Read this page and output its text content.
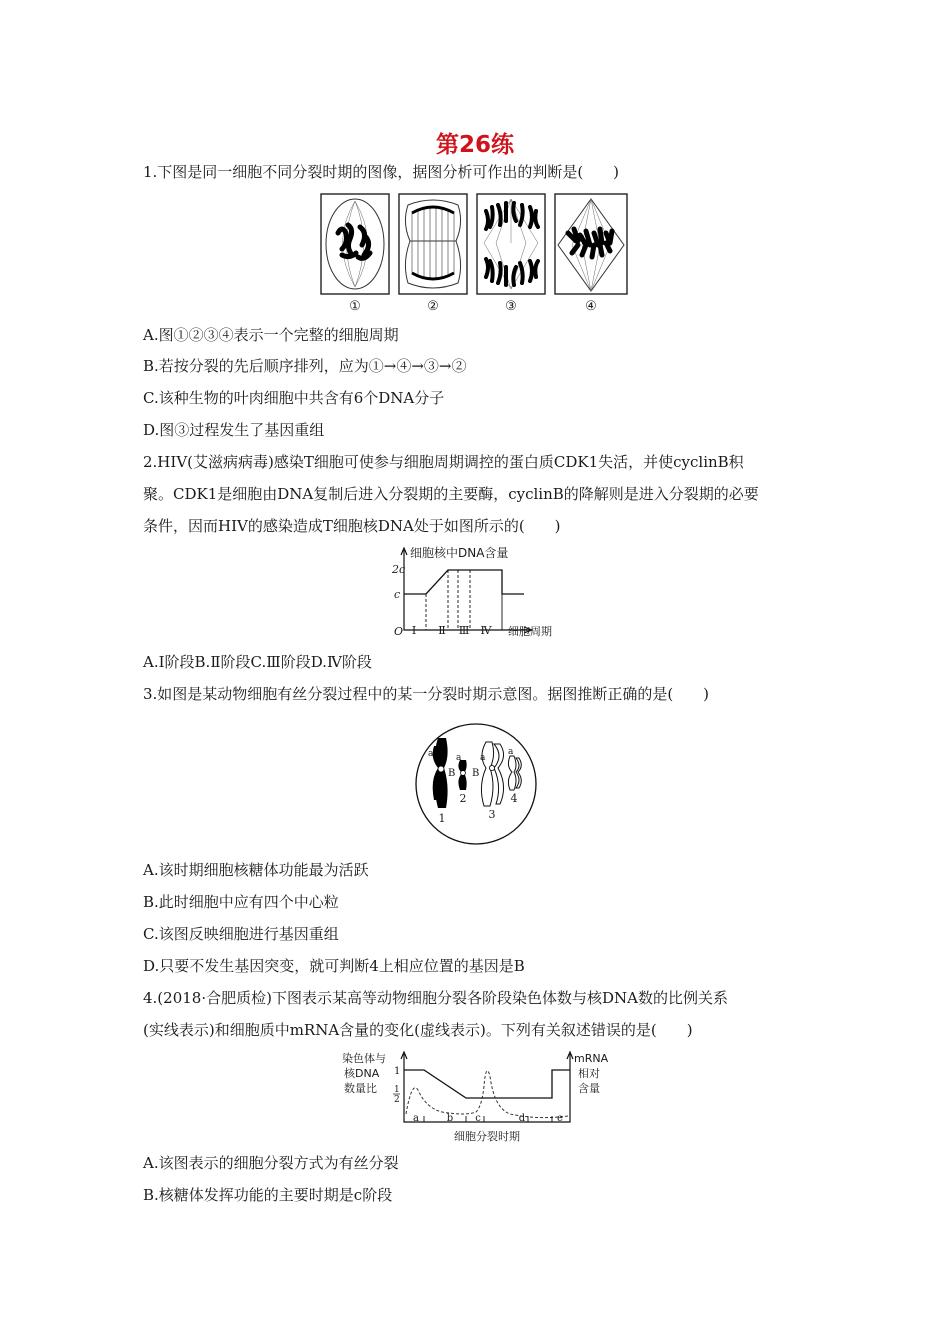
第26练
1.下图是同一细胞不同分裂时期的图像，据图分析可作出的判断是(　　)
①	②	③	④
A.图①②③④表示一个完整的细胞周期
B.若按分裂的先后顺序排列，应为①→④→③→②
C.该种生物的叶肉细胞中共含有6个DNA分子
D.图③过程发生了基因重组
2.HIV(艾滋病病毒)感染T细胞可使参与细胞周期调控的蛋白质CDK1失活，并使cyclinB积
聚。CDK1是细胞由DNA复制后进入分裂期的主要酶，cyclinB的降解则是进入分裂期的必要
条件，因而HIV的感染造成T细胞核DNA处于如图所示的(　　)
细胞核中DNA含量
2c
c
O Ⅰ Ⅱ Ⅲ Ⅳ 细胞周期
A.Ⅰ阶段B.Ⅱ阶段C.Ⅲ阶段D.Ⅳ阶段
3.如图是某动物细胞有丝分裂过程中的某一分裂时期示意图。据图推断正确的是(　　)
a
B
a
B
a
a
1
2
3
4
A.该时期细胞核糖体功能最为活跃
B.此时细胞中应有四个中心粒
C.该图反映细胞进行基因重组
D.只要不发生基因突变，就可判断4上相应位置的基因是B
4.(2018·合肥质检)下图表示某高等动物细胞分裂各阶段染色体数与核DNA数的比例关系
(实线表示)和细胞质中mRNA含量的变化(虚线表示)。下列有关叙述错误的是(　　)
染色体与
核DNA
数量比
mRNA
相对
含量
1
1
2
a	b c	d	e
细胞分裂时期
A.该图表示的细胞分裂方式为有丝分裂
B.核糖体发挥功能的主要时期是c阶段
